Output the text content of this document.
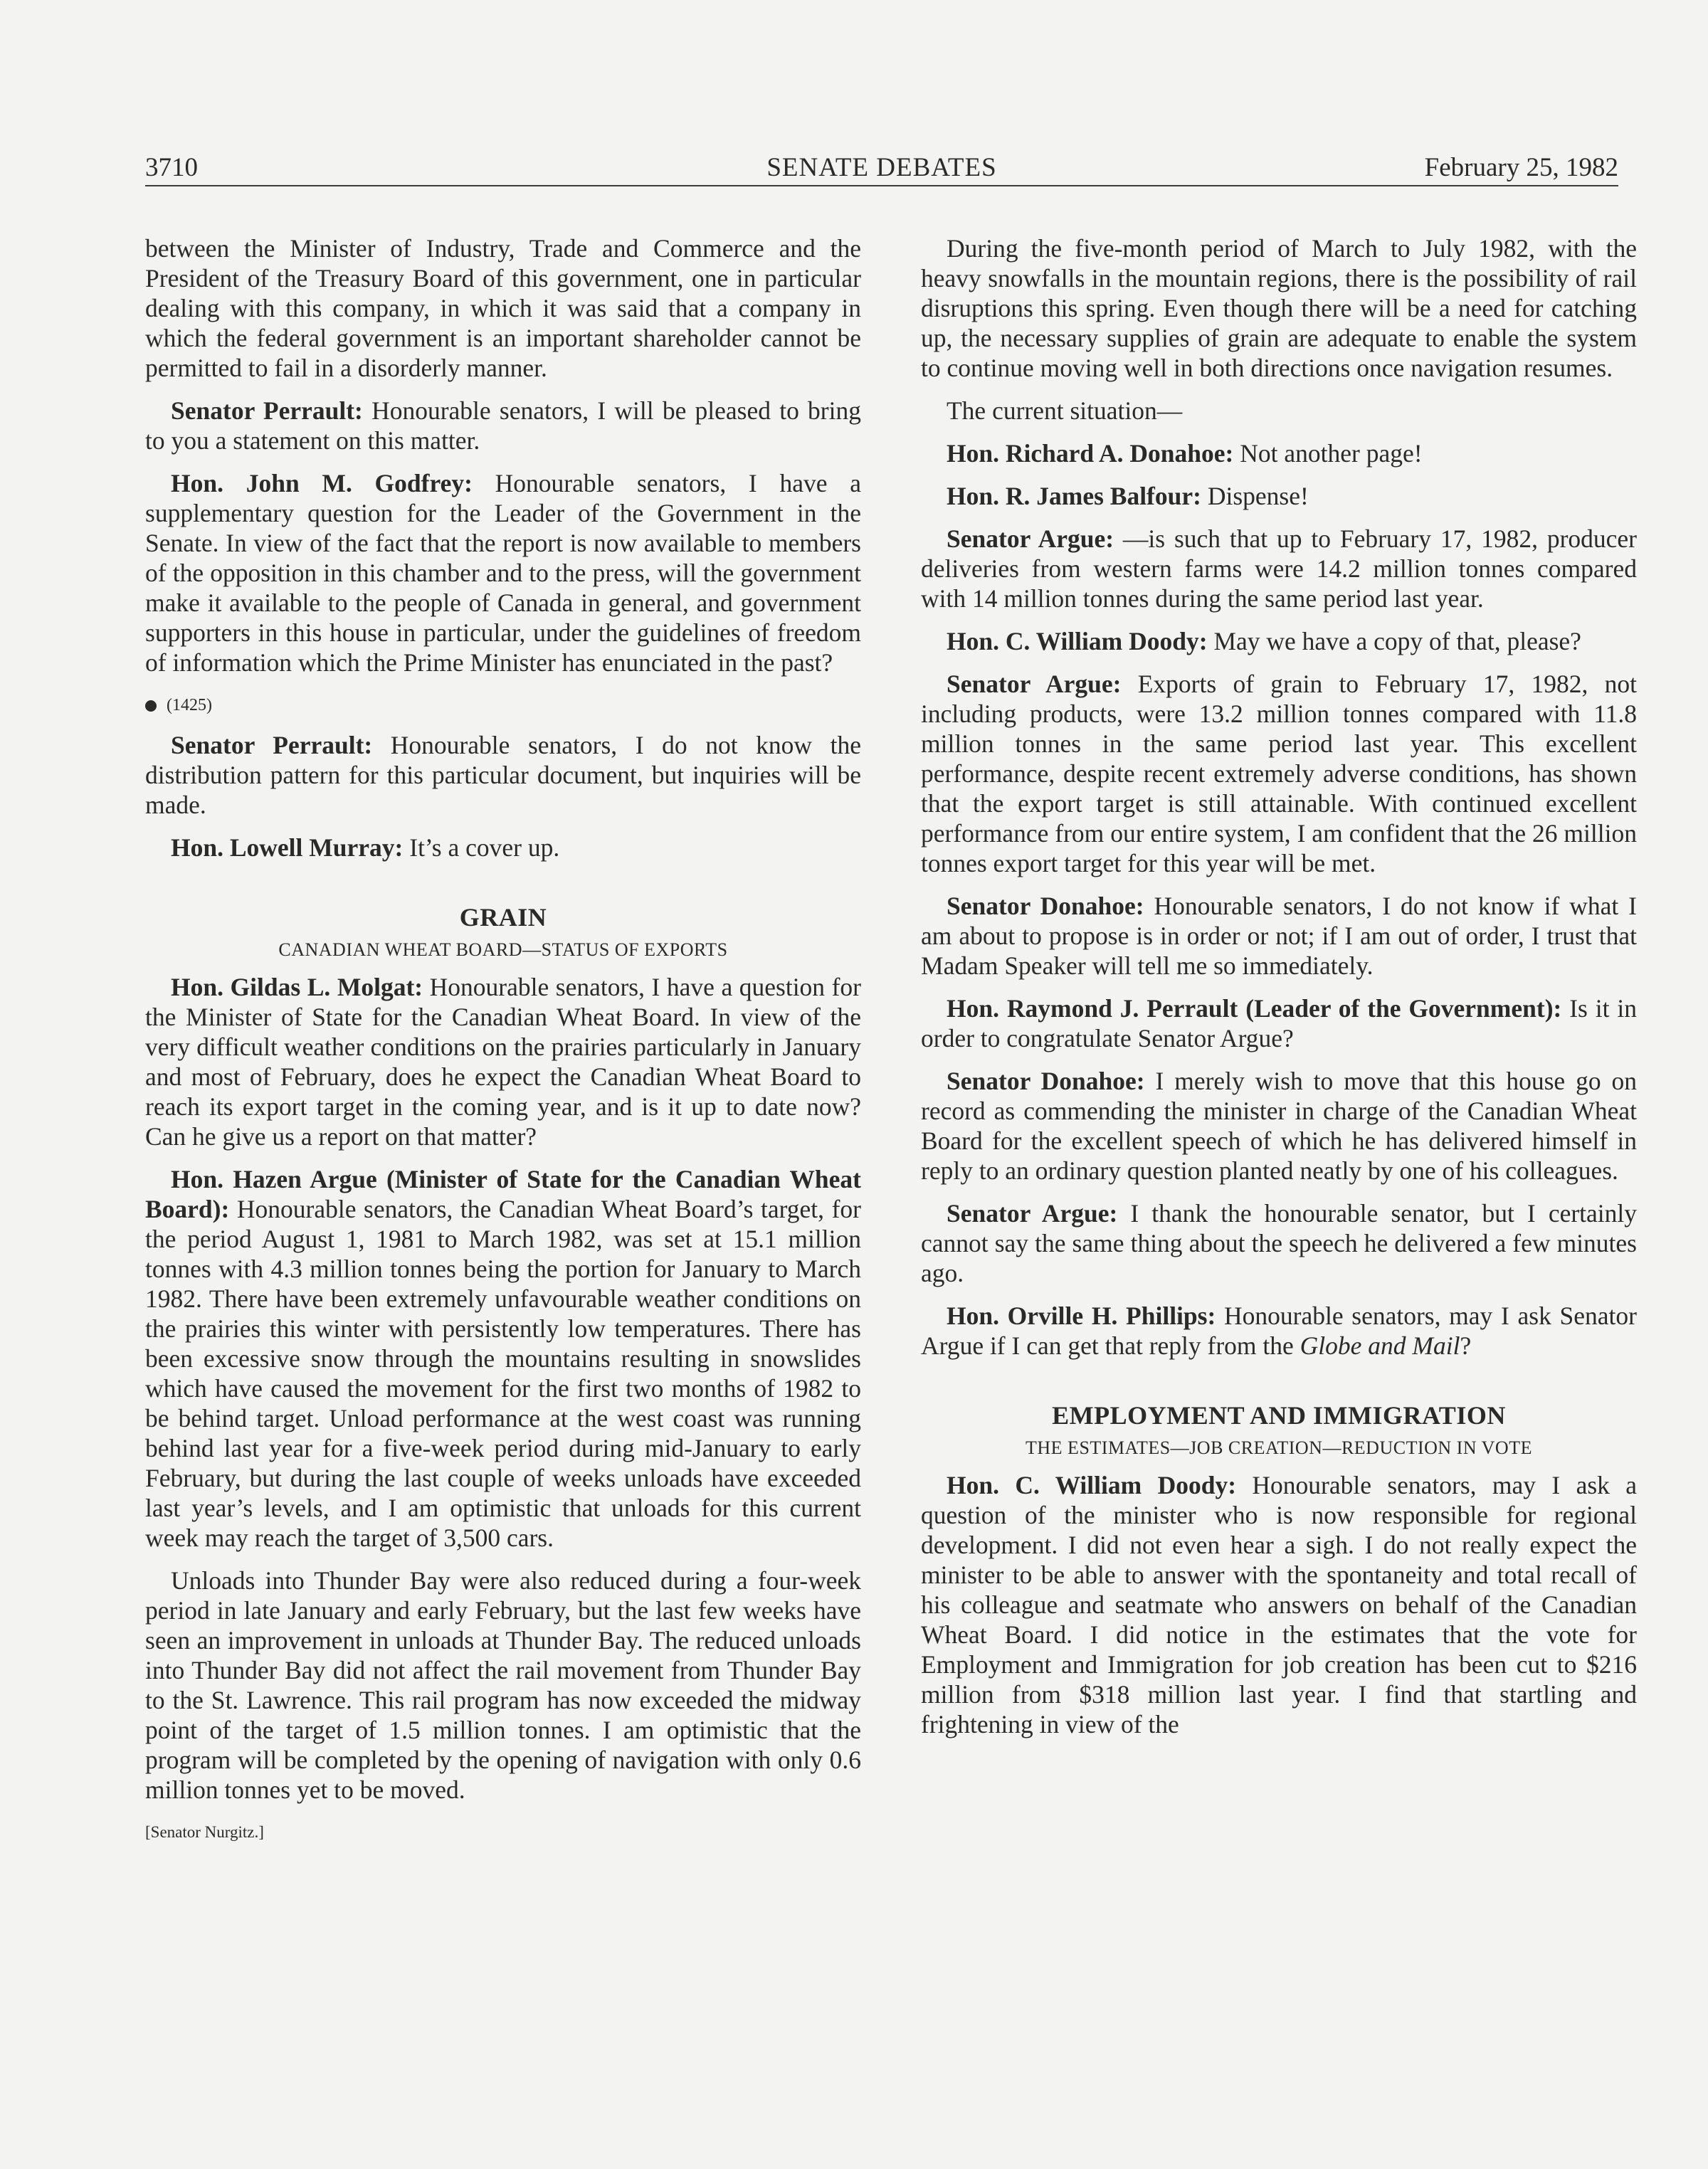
3710	SENATE DEBATES	February 25, 1982

between the Minister of Industry, Trade and Commerce and the President of the Treasury Board of this government, one in particular dealing with this company, in which it was said that a company in which the federal government is an important shareholder cannot be permitted to fail in a disorderly manner.

Senator Perrault: Honourable senators, I will be pleased to bring to you a statement on this matter.

Hon. John M. Godfrey: Honourable senators, I have a supplementary question for the Leader of the Government in the Senate. In view of the fact that the report is now available to members of the opposition in this chamber and to the press, will the government make it available to the people of Canada in general, and government supporters in this house in particular, under the guidelines of freedom of information which the Prime Minister has enunciated in the past?

(1425)

Senator Perrault: Honourable senators, I do not know the distribution pattern for this particular document, but inquiries will be made.

Hon. Lowell Murray: It’s a cover up.

GRAIN
CANADIAN WHEAT BOARD—STATUS OF EXPORTS

Hon. Gildas L. Molgat: Honourable senators, I have a question for the Minister of State for the Canadian Wheat Board. In view of the very difficult weather conditions on the prairies particularly in January and most of February, does he expect the Canadian Wheat Board to reach its export target in the coming year, and is it up to date now? Can he give us a report on that matter?

Hon. Hazen Argue (Minister of State for the Canadian Wheat Board): Honourable senators, the Canadian Wheat Board’s target, for the period August 1, 1981 to March 1982, was set at 15.1 million tonnes with 4.3 million tonnes being the portion for January to March 1982. There have been extremely unfavourable weather conditions on the prairies this winter with persistently low temperatures. There has been excessive snow through the mountains resulting in snowslides which have caused the movement for the first two months of 1982 to be behind target. Unload performance at the west coast was running behind last year for a five-week period during mid-January to early February, but during the last couple of weeks unloads have exceeded last year’s levels, and I am optimistic that unloads for this current week may reach the target of 3,500 cars.

Unloads into Thunder Bay were also reduced during a four-week period in late January and early February, but the last few weeks have seen an improvement in unloads at Thunder Bay. The reduced unloads into Thunder Bay did not affect the rail movement from Thunder Bay to the St. Lawrence. This rail program has now exceeded the midway point of the target of 1.5 million tonnes. I am optimistic that the program will be completed by the opening of navigation with only 0.6 million tonnes yet to be moved.

[Senator Nurgitz.]

During the five-month period of March to July 1982, with the heavy snowfalls in the mountain regions, there is the possibility of rail disruptions this spring. Even though there will be a need for catching up, the necessary supplies of grain are adequate to enable the system to continue moving well in both directions once navigation resumes.

The current situation—

Hon. Richard A. Donahoe: Not another page!

Hon. R. James Balfour: Dispense!

Senator Argue: —is such that up to February 17, 1982, producer deliveries from western farms were 14.2 million tonnes compared with 14 million tonnes during the same period last year.

Hon. C. William Doody: May we have a copy of that, please?

Senator Argue: Exports of grain to February 17, 1982, not including products, were 13.2 million tonnes compared with 11.8 million tonnes in the same period last year. This excellent performance, despite recent extremely adverse conditions, has shown that the export target is still attainable. With continued excellent performance from our entire system, I am confident that the 26 million tonnes export target for this year will be met.

Senator Donahoe: Honourable senators, I do not know if what I am about to propose is in order or not; if I am out of order, I trust that Madam Speaker will tell me so immediately.

Hon. Raymond J. Perrault (Leader of the Government): Is it in order to congratulate Senator Argue?

Senator Donahoe: I merely wish to move that this house go on record as commending the minister in charge of the Canadian Wheat Board for the excellent speech of which he has delivered himself in reply to an ordinary question planted neatly by one of his colleagues.

Senator Argue: I thank the honourable senator, but I certainly cannot say the same thing about the speech he delivered a few minutes ago.

Hon. Orville H. Phillips: Honourable senators, may I ask Senator Argue if I can get that reply from the Globe and Mail?

EMPLOYMENT AND IMMIGRATION
THE ESTIMATES—JOB CREATION—REDUCTION IN VOTE

Hon. C. William Doody: Honourable senators, may I ask a question of the minister who is now responsible for regional development. I did not even hear a sigh. I do not really expect the minister to be able to answer with the spontaneity and total recall of his colleague and seatmate who answers on behalf of the Canadian Wheat Board. I did notice in the estimates that the vote for Employment and Immigration for job creation has been cut to $216 million from $318 million last year. I find that startling and frightening in view of the
